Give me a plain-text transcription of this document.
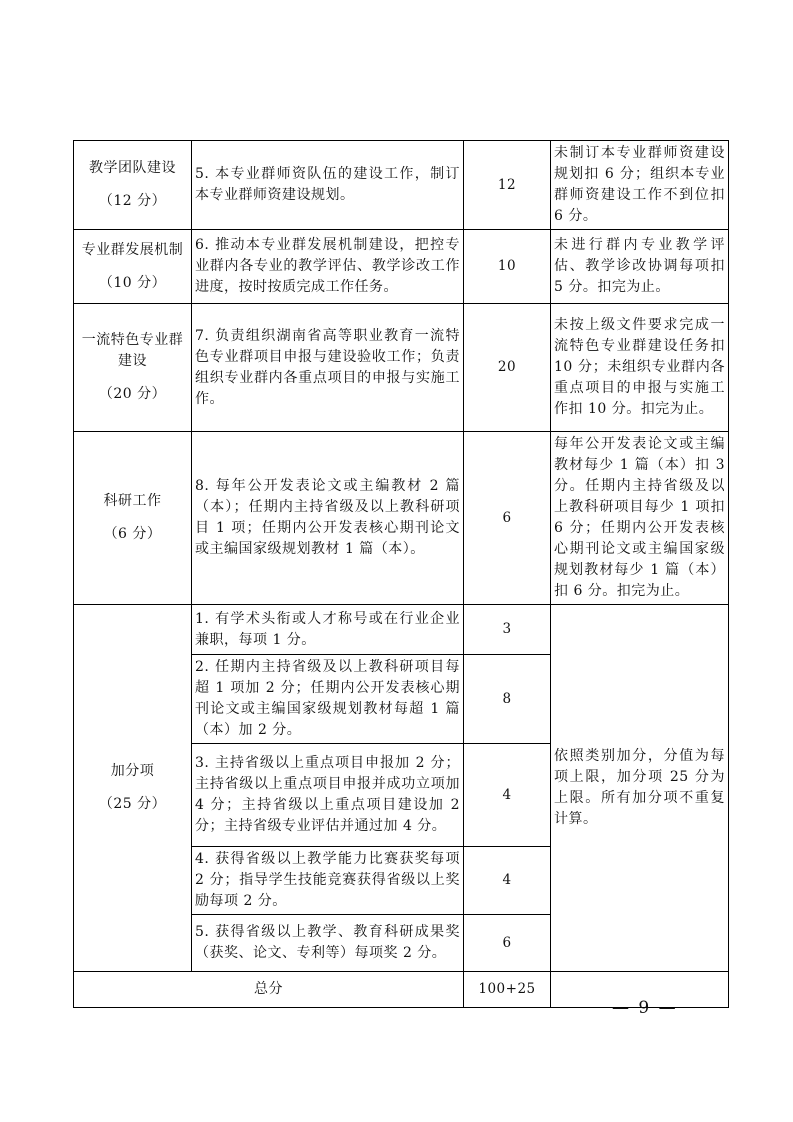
教学团队建设
（12 分）	5. 本专业群师资队伍的建设工作，制订本专业群师资建设规划。	12	未制订本专业群师资建设规划扣 6 分；组织本专业群师资建设工作不到位扣 6 分。

专业群发展机制
（10 分）	6. 推动本专业群发展机制建设，把控专业群内各专业的教学评估、教学诊改工作进度，按时按质完成工作任务。	10	未进行群内专业教学评估、教学诊改协调每项扣 5 分。扣完为止。

一流特色专业群建设
（20 分）	7. 负责组织湖南省高等职业教育一流特色专业群项目申报与建设验收工作；负责组织专业群内各重点项目的申报与实施工作。	20	未按上级文件要求完成一流特色专业群建设任务扣 10 分；未组织专业群内各重点项目的申报与实施工作扣 10 分。扣完为止。

科研工作
（6 分）	8. 每年公开发表论文或主编教材 2 篇（本）；任期内主持省级及以上教科研项目 1 项；任期内公开发表核心期刊论文或主编国家级规划教材 1 篇（本）。	6	每年公开发表论文或主编教材每少 1 篇（本）扣 3 分。任期内主持省级及以上教科研项目每少 1 项扣 6 分；任期内公开发表核心期刊论文或主编国家级规划教材每少 1 篇（本）扣 6 分。扣完为止。

加分项
（25 分）	1. 有学术头衔或人才称号或在行业企业兼职，每项 1 分。	3	依照类别加分，分值为每项上限，加分项 25 分为上限。所有加分项不重复计算。
	2. 任期内主持省级及以上教科研项目每超 1 项加 2 分；任期内公开发表核心期刊论文或主编国家级规划教材每超 1 篇（本）加 2 分。	8	
	3. 主持省级以上重点项目申报加 2 分；主持省级以上重点项目申报并成功立项加 4 分；主持省级以上重点项目建设加 2 分；主持省级专业评估并通过加 4 分。	4	
	4. 获得省级以上教学能力比赛获奖每项 2 分；指导学生技能竞赛获得省级以上奖励每项 2 分。	4	
	5. 获得省级以上教学、教育科研成果奖（获奖、论文、专利等）每项奖 2 分。	6	
总分		100+25	
— 9 —
